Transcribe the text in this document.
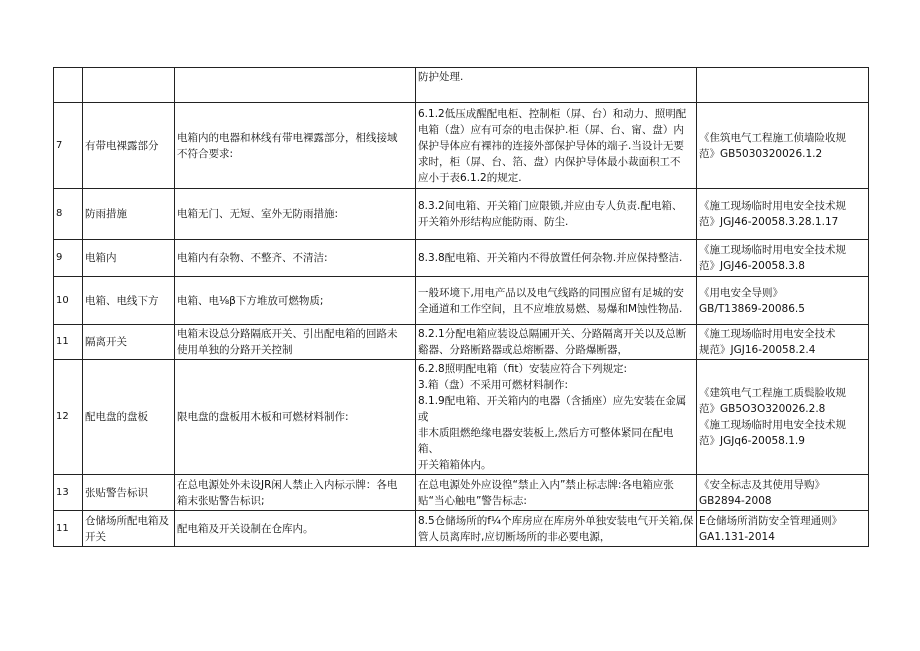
			防护处理.	
7	有带电裸露部分	电箱内的电器和林线有带电裸露部分，相线接域
不符合要求:	6.1.2低压成醒配电柜、控制柜（屏、台）和动力、照明配
电箱（盘）应有可奈的电击保护.柜（屏、台、甯、盘）内
保护导体应有裸祎的连接外部保护导体的端子.当设计无要
求时，柜（屏、台、箔、盘）内保护导体最小裁面积工不
应小于表6.1.2的规定.	《隹筑电气工程施工侦墙险收规
范》GB5030320026.1.2
8	防雨措施	电箱无门、无短、室外无防雨措施:	8.3.2间电箱、开关箱门应限锁,并应由专人负责.配电箱、
开关箱外形结构应能防雨、防尘.	《施工现场临时用电安全技术规
范》JGJ46-20058.3.28.1.17
9	电箱内	电箱内有杂物、不整齐、不清洁:	8.3.8配电箱、开关箱内不得放置任何杂物.并应保持整洁.	《施工现场临时用电安全技术规
范》JGJ46-20058.3.8
10	电箱、电线下方	电箱、电⅛β下方堆放可燃物质;	一般环境下,用电产品以及电气线路的同围应留有足城的安
全通道和工作空间，且不应堆放易燃、易爆和M蚀性物品.	《用电安全导则》
GB/T13869-20086.5
11	隔离开关	电箱末设总分路隔底开关、引出配电箱的回路未
使用单独的分路开关控制	8.2.1分配电箱应装设总隔圃开关、分路隔离开关以及总断
谿器、分路断路器或总熔断器、分路爆断器，	《施工现场临时用电安全技术
规范》JGJ16-20058.2.4
12	配电盘的盘板	限电盘的盘板用木板和可燃材料制作:	6.2.8照明配电箱（fit）安装应符合下列规定:
3.箱（盘）不采用可燃材料制作:
8.1.9配电箱、开关箱内的电器（含插座）应先安装在金属或
非木质阻燃绝缘电器安装板上,然后方可整体紧同在配电箱、
开关箱箱体内。	《建筑电气工程施工质鬓脸收规
范》GB5O3O320026.2.8
《施工现场临时用电安全技术规
范》JGJq6-20058.1.9
13	张贴警告标识	在总电源处外未设JR闲人禁止入内标示牌：各电
箱末张贴警告标识;	在总电源处外应设徨“禁止入内”禁止标志牌:各电箱应张
贴“当心触电”警告标志:	《安全标志及其使用导购》
GB2894-2008
11	仓储场所配电箱及
开关	配电箱及开关设制在仓库内。	8.5仓储场所的f¼个库房应在库房外单独安装电气开关箱,保
管人员离库时,应切断场所的非必要电源，	E仓储场所消防安全管理通则》
GA1.131-2014
